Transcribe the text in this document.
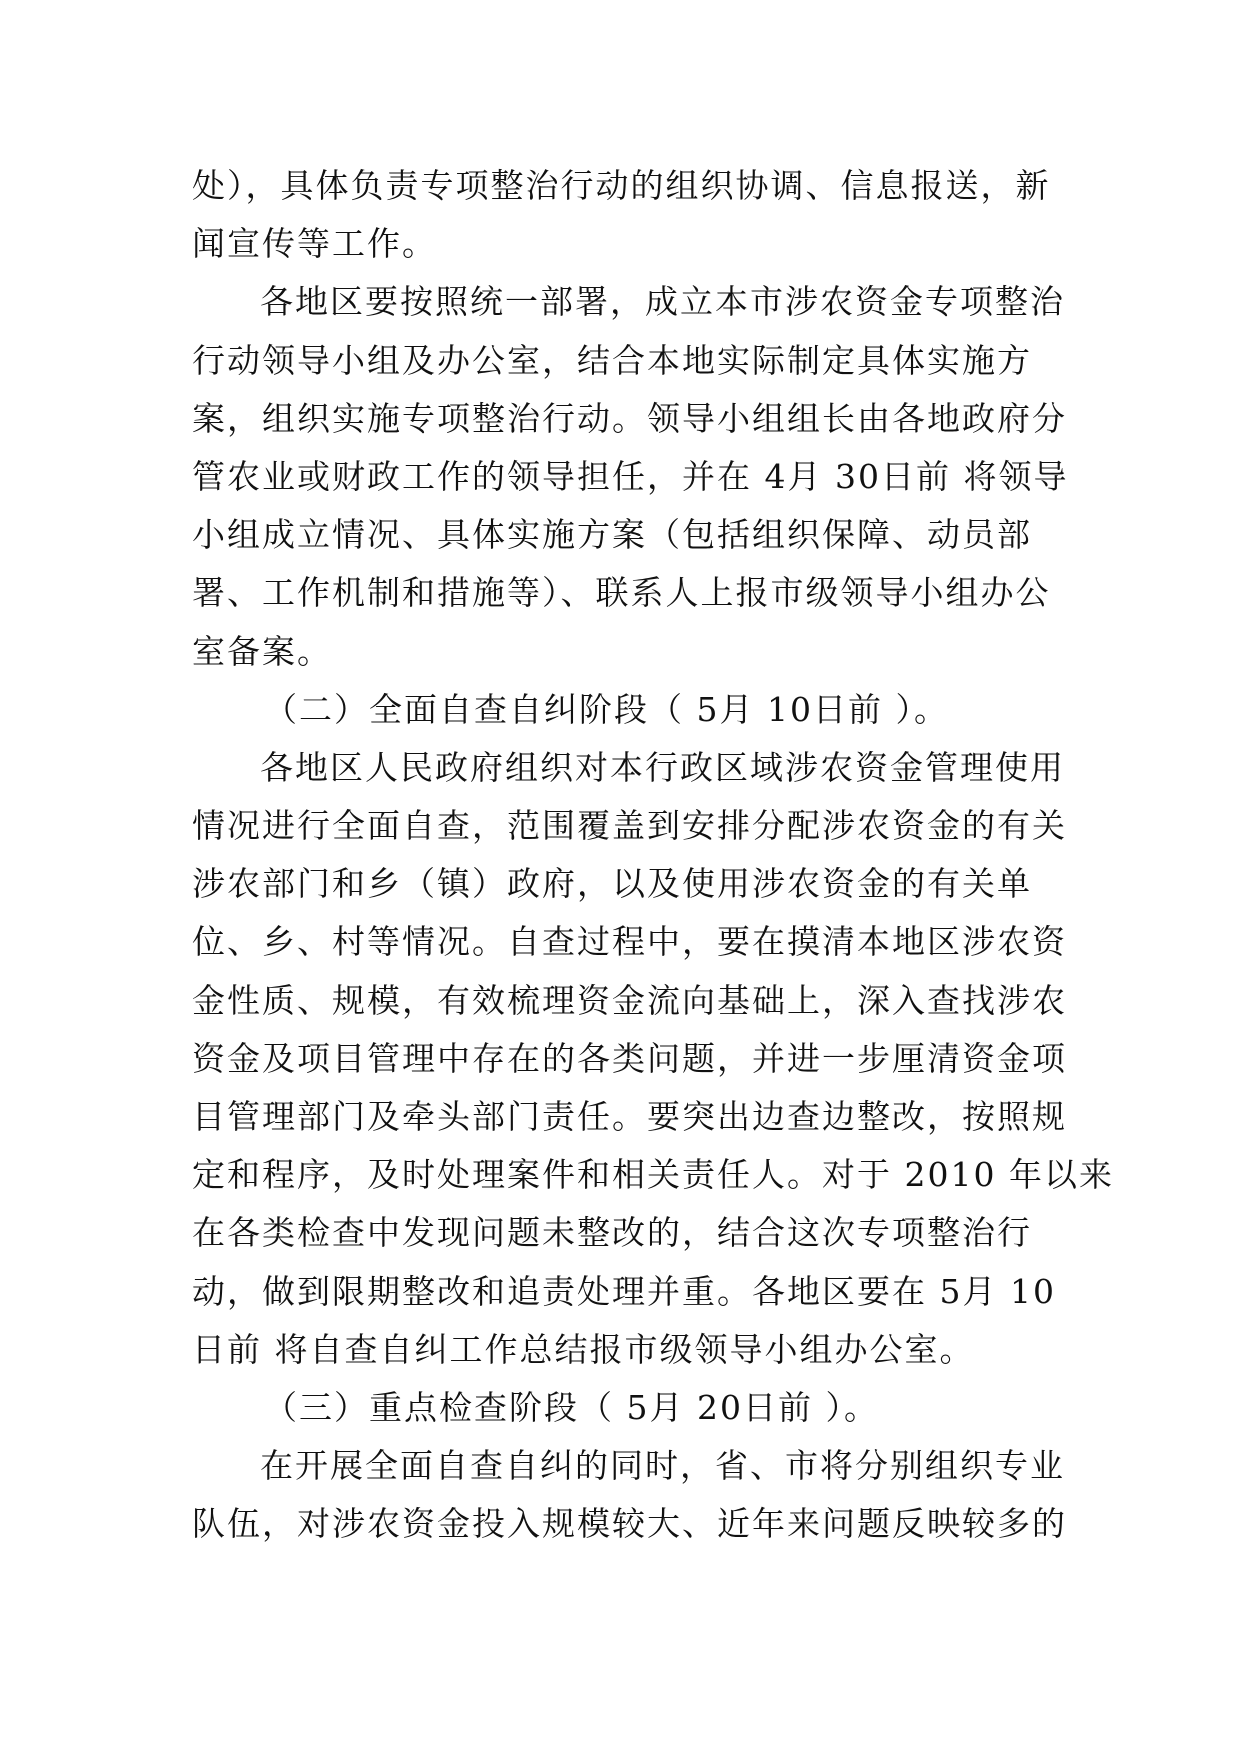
处），具体负责专项整治行动的组织协调、信息报送，新
闻宣传等工作。
各地区要按照统一部署，成立本市涉农资金专项整治
行动领导小组及办公室，结合本地实际制定具体实施方
案，组织实施专项整治行动。领导小组组长由各地政府分
管农业或财政工作的领导担任，并在 4月 30日前 将领导
小组成立情况、具体实施方案（包括组织保障、动员部
署、工作机制和措施等）、联系人上报市级领导小组办公
室备案。
（二）全面自查自纠阶段（ 5月 10日前 ）。
各地区人民政府组织对本行政区域涉农资金管理使用
情况进行全面自查，范围覆盖到安排分配涉农资金的有关
涉农部门和乡（镇）政府，以及使用涉农资金的有关单
位、乡、村等情况。自查过程中，要在摸清本地区涉农资
金性质、规模，有效梳理资金流向基础上，深入查找涉农
资金及项目管理中存在的各类问题，并进一步厘清资金项
目管理部门及牵头部门责任。要突出边查边整改，按照规
定和程序，及时处理案件和相关责任人。对于 2010 年以来
在各类检查中发现问题未整改的，结合这次专项整治行
动，做到限期整改和追责处理并重。各地区要在 5月 10
日前 将自查自纠工作总结报市级领导小组办公室。
（三）重点检查阶段（ 5月 20日前 ）。
在开展全面自查自纠的同时，省、市将分别组织专业
队伍，对涉农资金投入规模较大、近年来问题反映较多的
